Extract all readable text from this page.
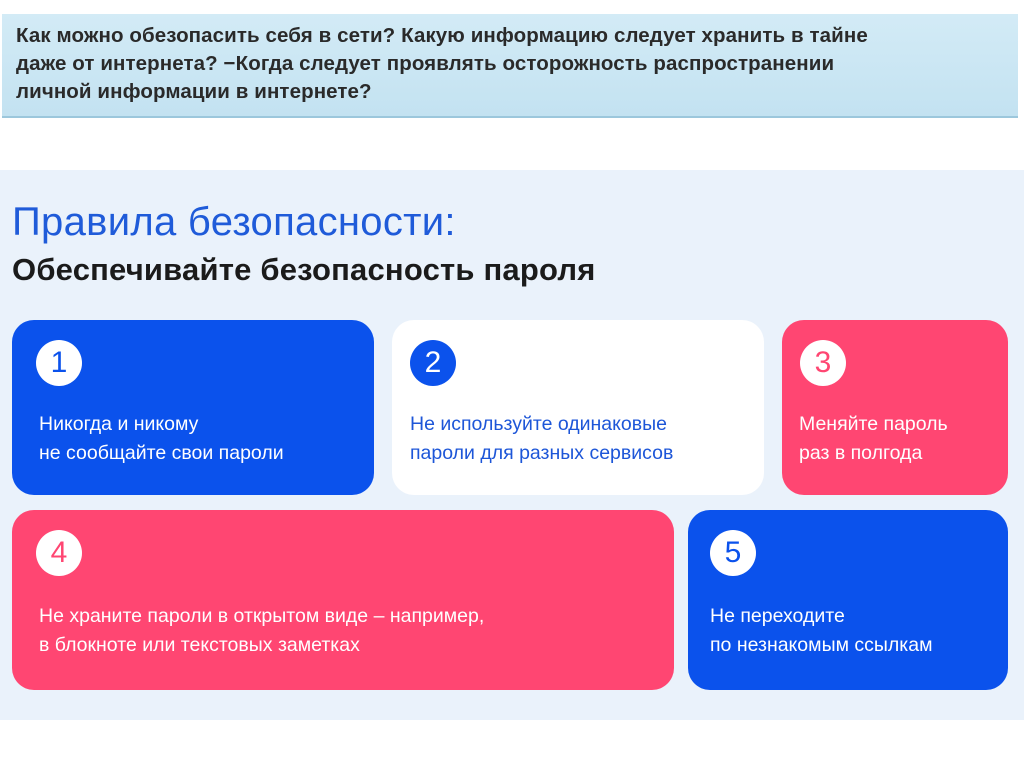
Как можно обезопасить себя в сети? Какую информацию следует хранить в тайне
даже от интернета? −Когда следует проявлять осторожность распространении
личной информации в интернете?
Правила безопасности:
Обеспечивайте безопасность пароля
1
Никогда и никому
не сообщайте свои пароли
2
Не используйте одинаковые
пароли для разных сервисов
3
Меняйте пароль
раз в полгода
4
Не храните пароли в открытом виде – например,
в блокноте или текстовых заметках
5
Не переходите
по незнакомым ссылкам
